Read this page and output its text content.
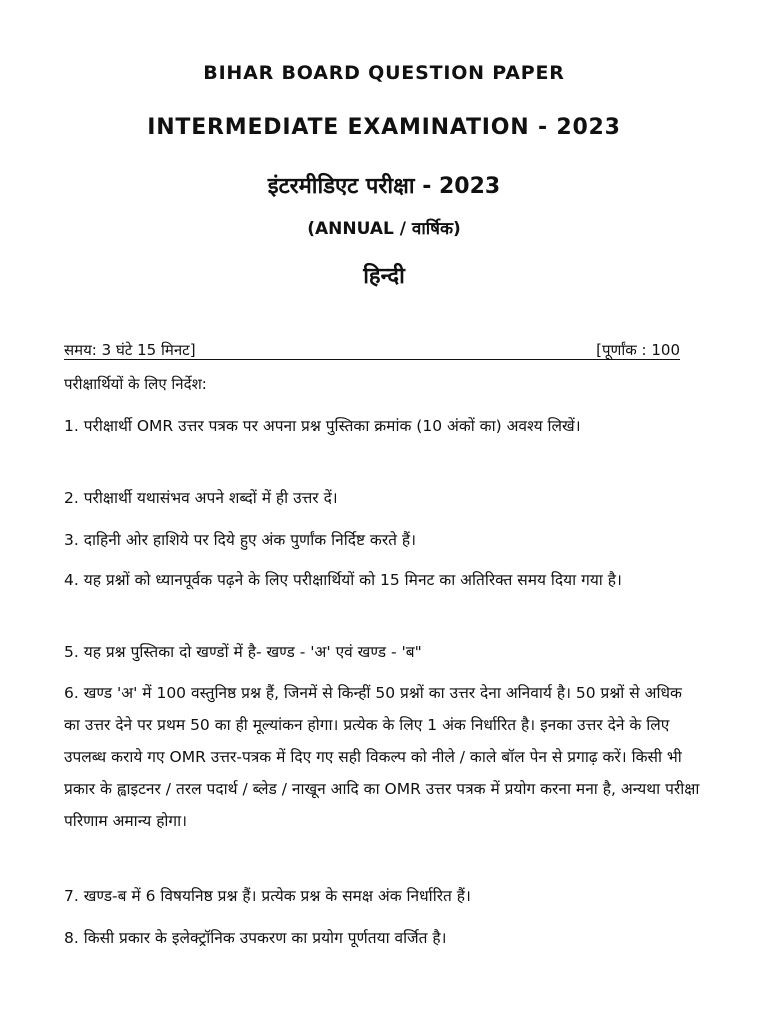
BIHAR BOARD QUESTION PAPER
INTERMEDIATE EXAMINATION - 2023
इंटरमीडिएट परीक्षा - 2023
(ANNUAL / वार्षिक)
हिन्दी
समय: 3 घंटे 15 मिनट]	[पूर्णांक : 100
परीक्षार्थियों के लिए निर्देश:
1. परीक्षार्थी OMR उत्तर पत्रक पर अपना प्रश्न पुस्तिका क्रमांक (10 अंकों का) अवश्य लिखें।
2. परीक्षार्थी यथासंभव अपने शब्दों में ही उत्तर दें।
3. दाहिनी ओर हाशिये पर दिये हुए अंक पुर्णांक निर्दिष्ट करते हैं।
4. यह प्रश्नों को ध्यानपूर्वक पढ़ने के लिए परीक्षार्थियों को 15 मिनट का अतिरिक्त समय दिया गया है।
5. यह प्रश्न पुस्तिका दो खण्डों में है- खण्ड - 'अ' एवं खण्ड - 'ब"
6. खण्ड 'अ' में 100 वस्तुनिष्ठ प्रश्न हैं, जिनमें से किन्हीं 50 प्रश्नों का उत्तर देना अनिवार्य है। 50 प्रश्नों से अधिक का उत्तर देने पर प्रथम 50 का ही मूल्यांकन होगा। प्रत्येक के लिए 1 अंक निर्धारित है। इनका उत्तर देने के लिए उपलब्ध कराये गए OMR उत्तर-पत्रक में दिए गए सही विकल्प को नीले / काले बॉल पेन से प्रगाढ़ करें। किसी भी प्रकार के ह्वाइटनर / तरल पदार्थ / ब्लेड / नाखून आदि का OMR उत्तर पत्रक में प्रयोग करना मना है, अन्यथा परीक्षा परिणाम अमान्य होगा।
7. खण्ड-ब में 6 विषयनिष्ठ प्रश्न हैं। प्रत्येक प्रश्न के समक्ष अंक निर्धारित हैं।
8. किसी प्रकार के इलेक्ट्रॉनिक उपकरण का प्रयोग पूर्णतया वर्जित है।
